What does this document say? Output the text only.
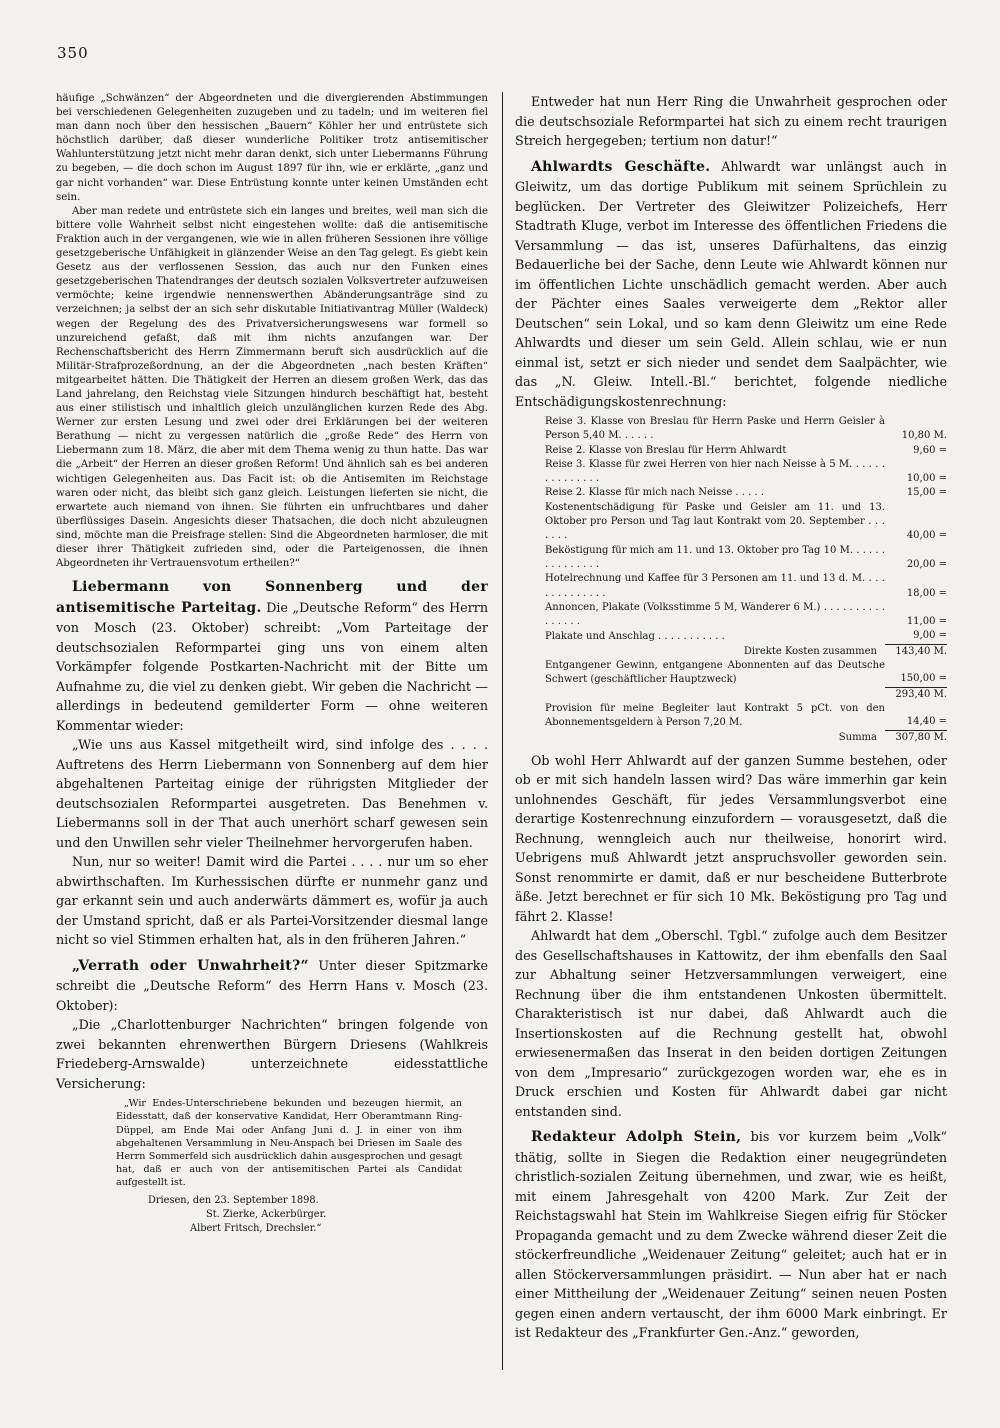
350

häufige „Schwänzen“ der Abgeordneten und die divergierenden Abstimmungen bei verschiedenen Gelegenheiten zuzugeben und zu tadeln; und im weiteren fiel man dann noch über den hessischen „Bauern“ Köhler her und entrüstete sich höchstlich darüber, daß dieser wunderliche Politiker trotz antisemitischer Wahlunterstützung jetzt nicht mehr daran denkt, sich unter Liebermanns Führung zu begeben, — die doch schon im August 1897 für ihn, wie er erklärte, „ganz und gar nicht vorhanden“ war. Diese Entrüstung konnte unter keinen Umständen echt sein.

Aber man redete und entrüstete sich ein langes und breites, weil man sich die bittere volle Wahrheit selbst nicht eingestehen wollte: daß die antisemitische Fraktion auch in der vergangenen, wie wie in allen früheren Sessionen ihre völlige gesetzgeberische Unfähigkeit in glänzender Weise an den Tag gelegt. Es giebt kein Gesetz aus der verflossenen Session, das auch nur den Funken eines gesetzgeberischen Thatendranges der deutsch sozialen Volksvertreter aufzuweisen vermöchte; keine irgendwie nennenswerthen Abänderungsanträge sind zu verzeichnen; ja selbst der an sich sehr diskutable Initiativantrag Müller (Waldeck) wegen der Regelung des des Privatversicherungswesens war formell so unzureichend gefaßt, daß mit ihm nichts anzufangen war. Der Rechenschaftsbericht des Herrn Zimmermann beruft sich ausdrücklich auf die Militär-Strafprozeßordnung, an der die Abgeordneten „nach besten Kräften“ mitgearbeitet hätten. Die Thätigkeit der Herren an diesem großen Werk, das das Land jahrelang, den Reichstag viele Sitzungen hindurch beschäftigt hat, besteht aus einer stilistisch und inhaltlich gleich unzulänglichen kurzen Rede des Abg. Werner zur ersten Lesung und zwei oder drei Erklärungen bei der weiteren Berathung — nicht zu vergessen natürlich die „große Rede“ des Herrn von Liebermann zum 18. März, die aber mit dem Thema wenig zu thun hatte. Das war die „Arbeit“ der Herren an dieser großen Reform! Und ähnlich sah es bei anderen wichtigen Gelegenheiten aus. Das Facit ist: ob die Antisemiten im Reichstage waren oder nicht, das bleibt sich ganz gleich. Leistungen lieferten sie nicht, die erwartete auch niemand von ihnen. Sie führten ein unfruchtbares und daher überflüssiges Dasein. Angesichts dieser Thatsachen, die doch nicht abzuleugnen sind, möchte man die Preisfrage stellen: Sind die Abgeordneten harmloser, die mit dieser ihrer Thätigkeit zufrieden sind, oder die Parteigenossen, die ihnen Abgeordneten ihr Vertrauensvotum ertheilen?“

Liebermann von Sonnenberg und der antisemitische Parteitag. Die „Deutsche Reform“ des Herrn von Mosch (23. Oktober) schreibt: „Vom Parteitage der deutschsozialen Reformpartei ging uns von einem alten Vorkämpfer folgende Postkarten-Nachricht mit der Bitte um Aufnahme zu, die viel zu denken giebt. Wir geben die Nachricht — allerdings in bedeutend gemilderter Form — ohne weiteren Kommentar wieder:

„Wie uns aus Kassel mitgetheilt wird, sind infolge des . . . . Auftretens des Herrn Liebermann von Sonnenberg auf dem hier abgehaltenen Parteitag einige der rührigsten Mitglieder der deutschsozialen Reformpartei ausgetreten. Das Benehmen v. Liebermanns soll in der That auch unerhört scharf gewesen sein und den Unwillen sehr vieler Theilnehmer hervorgerufen haben.

Nun, nur so weiter! Damit wird die Partei . . . . nur um so eher abwirthschaften. Im Kurhessischen dürfte er nunmehr ganz und gar erkannt sein und auch anderwärts dämmert es, wofür ja auch der Umstand spricht, daß er als Partei-Vorsitzender diesmal lange nicht so viel Stimmen erhalten hat, als in den früheren Jahren.“

„Verrath oder Unwahrheit?“ Unter dieser Spitzmarke schreibt die „Deutsche Reform“ des Herrn Hans v. Mosch (23. Oktober):

„Die „Charlottenburger Nachrichten“ bringen folgende von zwei bekannten ehrenwerthen Bürgern Driesens (Wahlkreis Friedeberg-Arnswalde) unterzeichnete eidesstattliche Versicherung:

„Wir Endes-Unterschriebene bekunden und bezeugen hiermit, an Eidesstatt, daß der konservative Kandidat, Herr Oberamtmann Ring-Düppel, am Ende Mai oder Anfang Juni d. J. in einer von ihm abgehaltenen Versammlung in Neu-Anspach bei Driesen im Saale des Herrn Sommerfeld sich ausdrücklich dahin ausgesprochen und gesagt hat, daß er auch von der antisemitischen Partei als Candidat aufgestellt ist.

Driesen, den 23. September 1898.
St. Zierke, Ackerbürger.
Albert Fritsch, Drechsler.“

Entweder hat nun Herr Ring die Unwahrheit gesprochen oder die deutschsoziale Reformpartei hat sich zu einem recht traurigen Streich hergegeben; tertium non datur!“

Ahlwardts Geschäfte. Ahlwardt war unlängst auch in Gleiwitz, um das dortige Publikum mit seinem Sprüchlein zu beglücken. Der Vertreter des Gleiwitzer Polizeichefs, Herr Stadtrath Kluge, verbot im Interesse des öffentlichen Friedens die Versammlung — das ist, unseres Dafürhaltens, das einzig Bedauerliche bei der Sache, denn Leute wie Ahlwardt können nur im öffentlichen Lichte unschädlich gemacht werden. Aber auch der Pächter eines Saales verweigerte dem „Rektor aller Deutschen“ sein Lokal, und so kam denn Gleiwitz um eine Rede Ahlwardts und dieser um sein Geld. Allein schlau, wie er nun einmal ist, setzt er sich nieder und sendet dem Saalpächter, wie das „N. Gleiw. Intell.-Bl.“ berichtet, folgende niedliche Entschädigungskostenrechnung:

Reise 3. Klasse von Breslau für Herrn Paske und Herrn Geisler à Person 5,40 M. . . . . .	10,80 M.
Reise 2. Klasse von Breslau für Herrn Ahlwardt	9,60 =
Reise 3. Klasse für zwei Herren von hier nach Neisse à 5 M. . . . . . . . . . . . . . .	10,00 =
Reise 2. Klasse für mich nach Neisse . . . . .	15,00 =
Kostenentschädigung für Paske und Geisler am 11. und 13. Oktober pro Person und Tag laut Kontrakt vom 20. September . . . . . . .	40,00 =
Beköstigung für mich am 11. und 13. Oktober pro Tag 10 M. . . . . . . . . . . . . . .	20,00 =
Hotelrechnung und Kaffee für 3 Personen am 11. und 13 d. M. . . . . . . . . . . . . .	18,00 =
Annoncen, Plakate (Volksstimme 5 M, Wanderer 6 M.) . . . . . . . . . . . . . . . .	11,00 =
Plakate und Anschlag . . . . . . . . . . .	9,00 =
Direkte Kosten zusammen	143,40 M.
Entgangener Gewinn, entgangene Abonnenten auf das Deutsche Schwert (geschäftlicher Hauptzweck)	150,00 =
293,40 M.
Provision für meine Begleiter laut Kontrakt 5 pCt. von den Abonnementsgeldern à Person 7,20 M.	14,40 =
Summa	307,80 M.

Ob wohl Herr Ahlwardt auf der ganzen Summe bestehen, oder ob er mit sich handeln lassen wird? Das wäre immerhin gar kein unlohnendes Geschäft, für jedes Versammlungsverbot eine derartige Kostenrechnung einzufordern — vorausgesetzt, daß die Rechnung, wenngleich auch nur theilweise, honorirt wird. Uebrigens muß Ahlwardt jetzt anspruchsvoller geworden sein. Sonst renommirte er damit, daß er nur bescheidene Butterbrote äße. Jetzt berechnet er für sich 10 Mk. Beköstigung pro Tag und fährt 2. Klasse!

Ahlwardt hat dem „Oberschl. Tgbl.“ zufolge auch dem Besitzer des Gesellschaftshauses in Kattowitz, der ihm ebenfalls den Saal zur Abhaltung seiner Hetzversammlungen verweigert, eine Rechnung über die ihm entstandenen Unkosten übermittelt. Charakteristisch ist nur dabei, daß Ahlwardt auch die Insertionskosten auf die Rechnung gestellt hat, obwohl erwiesenermaßen das Inserat in den beiden dortigen Zeitungen von dem „Impresario“ zurückgezogen worden war, ehe es in Druck erschien und Kosten für Ahlwardt dabei gar nicht entstanden sind.

Redakteur Adolph Stein, bis vor kurzem beim „Volk“ thätig, sollte in Siegen die Redaktion einer neugegründeten christlich-sozialen Zeitung übernehmen, und zwar, wie es heißt, mit einem Jahresgehalt von 4200 Mark. Zur Zeit der Reichstagswahl hat Stein im Wahlkreise Siegen eifrig für Stöcker Propaganda gemacht und zu dem Zwecke während dieser Zeit die stöckerfreundliche „Weidenauer Zeitung“ geleitet; auch hat er in allen Stöckerversammlungen präsidirt. — Nun aber hat er nach einer Mittheilung der „Weidenauer Zeitung“ seinen neuen Posten gegen einen andern vertauscht, der ihm 6000 Mark einbringt. Er ist Redakteur des „Frankfurter Gen.-Anz.“ geworden,
